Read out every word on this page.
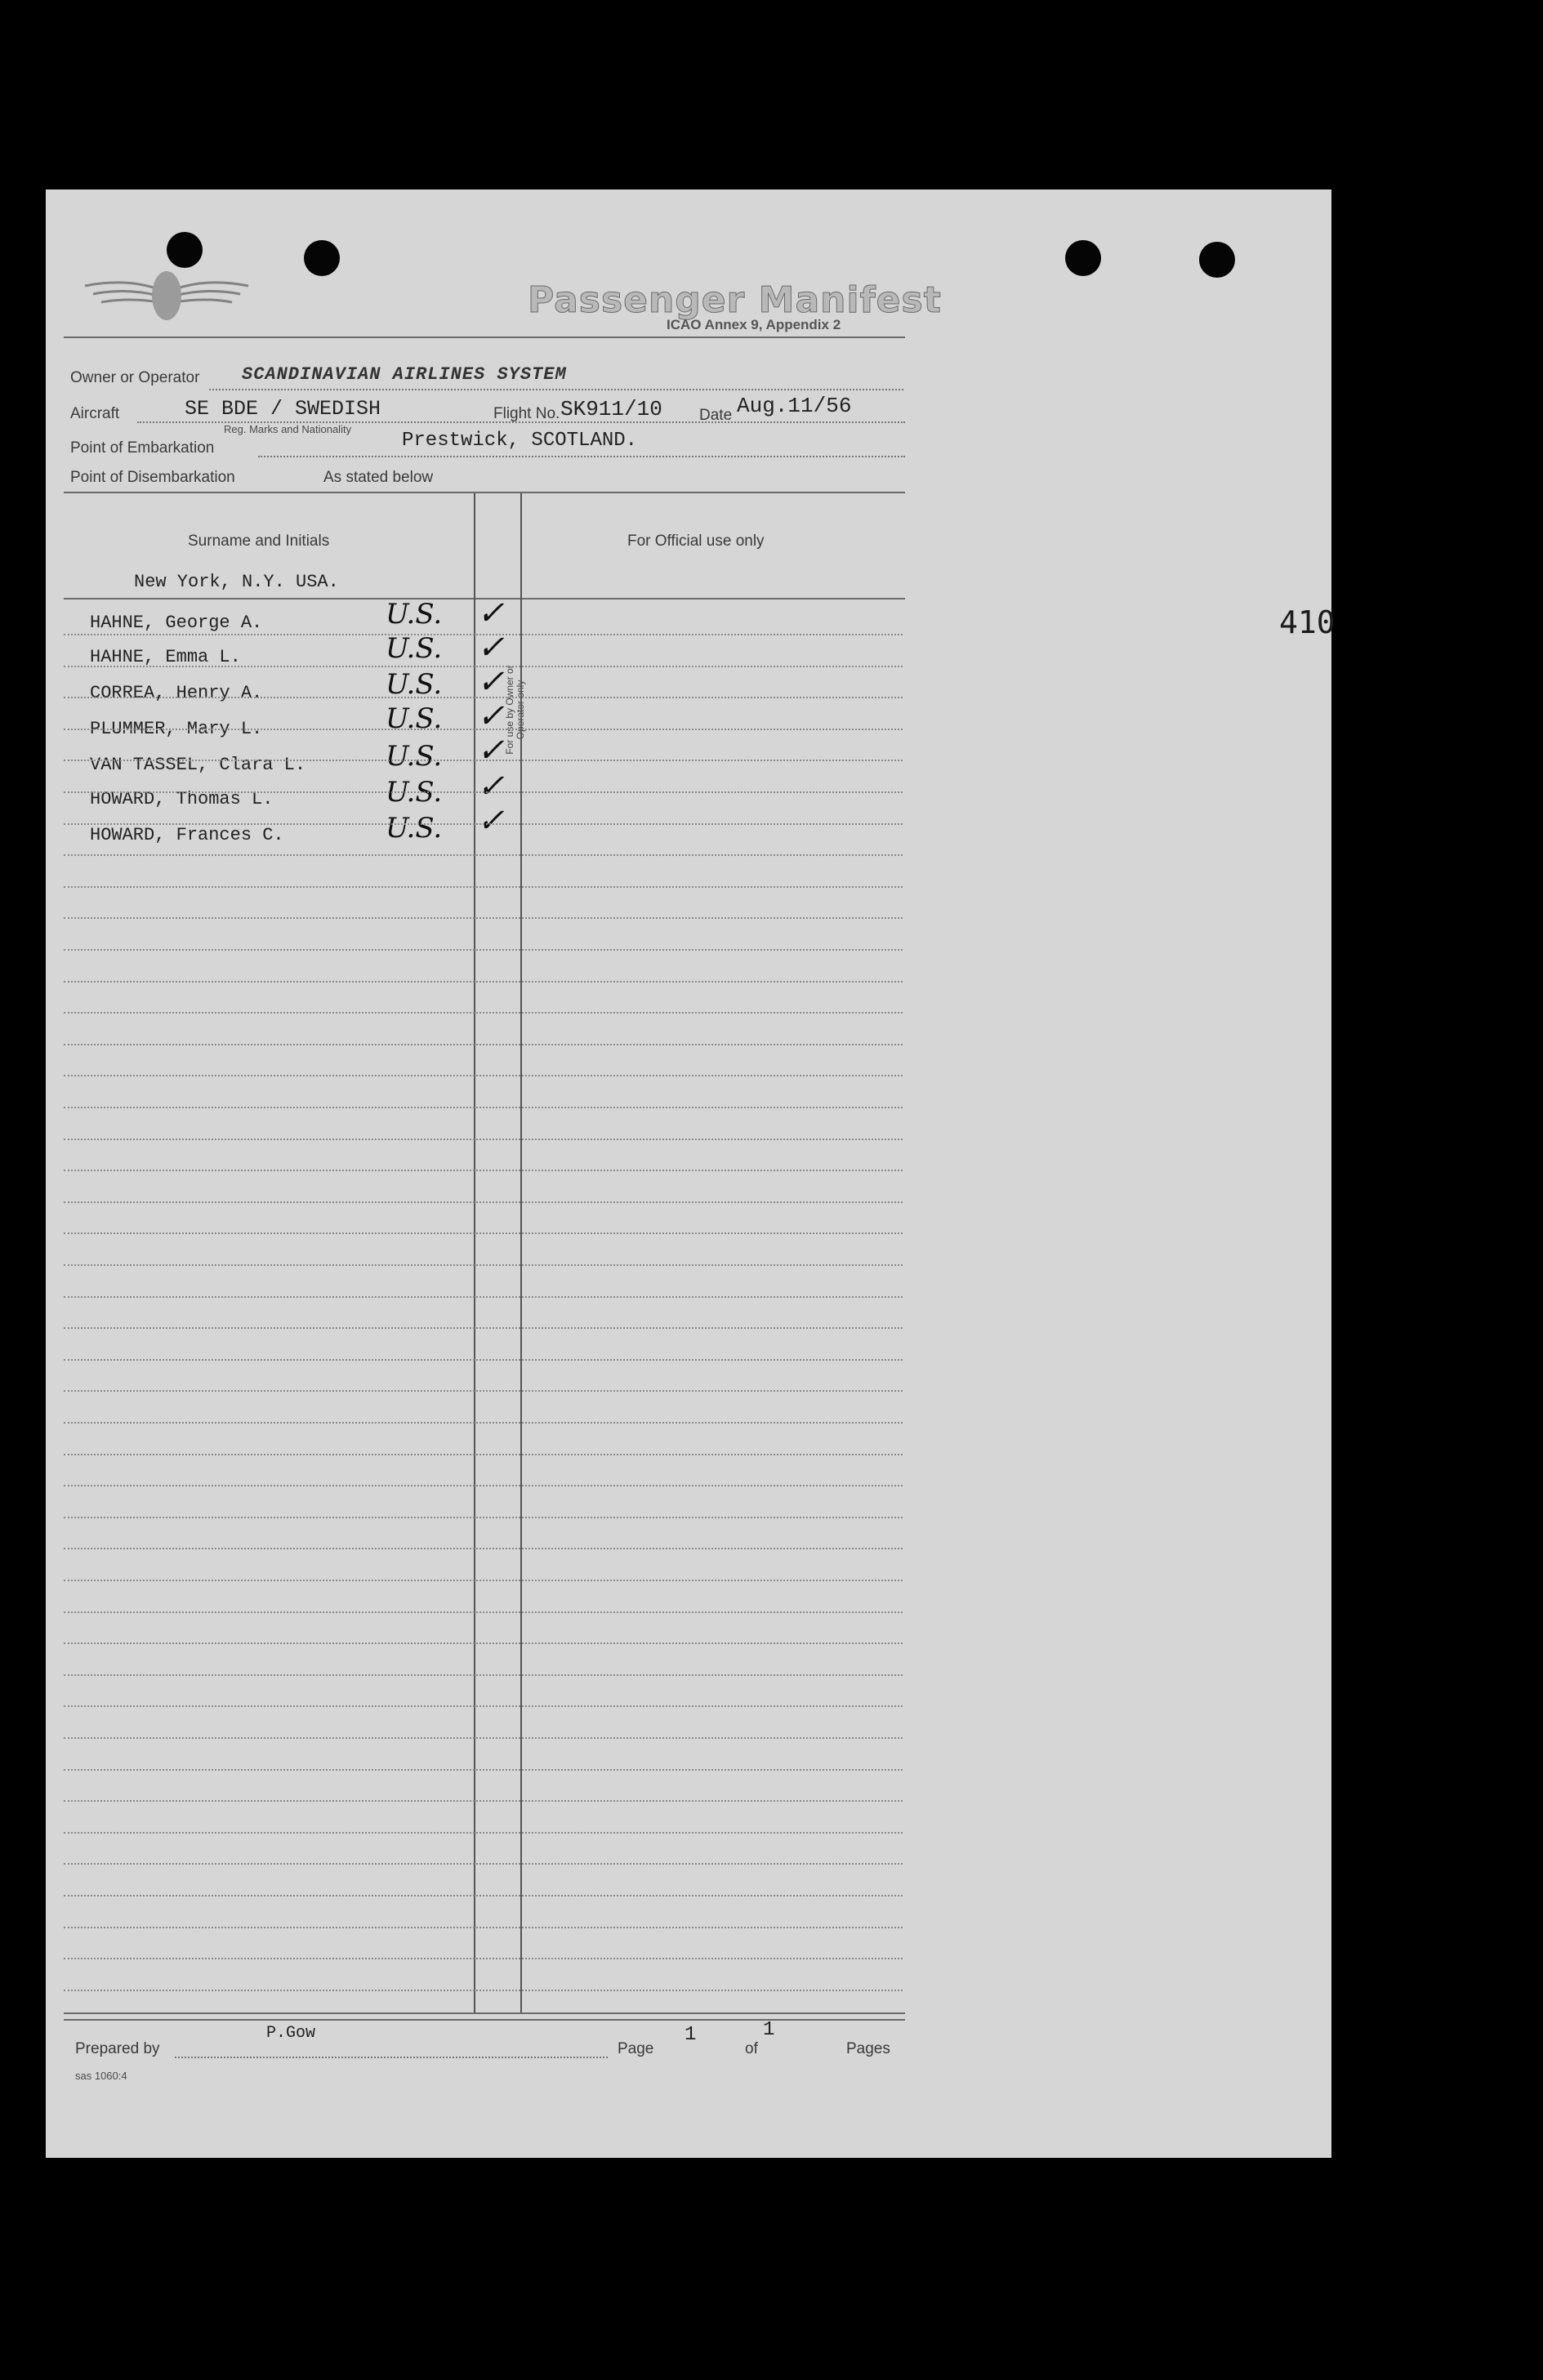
Passenger Manifest
ICAO Annex 9, Appendix 2
Owner or Operator SCANDINAVIAN AIRLINES SYSTEM
Aircraft	SE BDE / SWEDISH
Reg. Marks and Nationality
Flight No. SK911/10 Date Aug.11/56
Point of Embarkation	Prestwick, SCOTLAND.
Point of Disembarkation	As stated below
Surname and Initials
For use by Owner or Operator only
For Official use only
New York, N.Y. USA.
HAHNE, George A.	U.S. ✓
HAHNE, Emma L.	U.S. ✓
CORREA, Henry A.	U.S. ✓
PLUMMER, Mary L.	U.S. ✓
VAN TASSEL, Clara L.	U.S. ✓
HOWARD, Thomas L.	U.S. ✓
HOWARD, Frances C.	U.S. ✓
Prepared by
P.Gow
Page
1
of
1
Pages
sas 1060:4
410
